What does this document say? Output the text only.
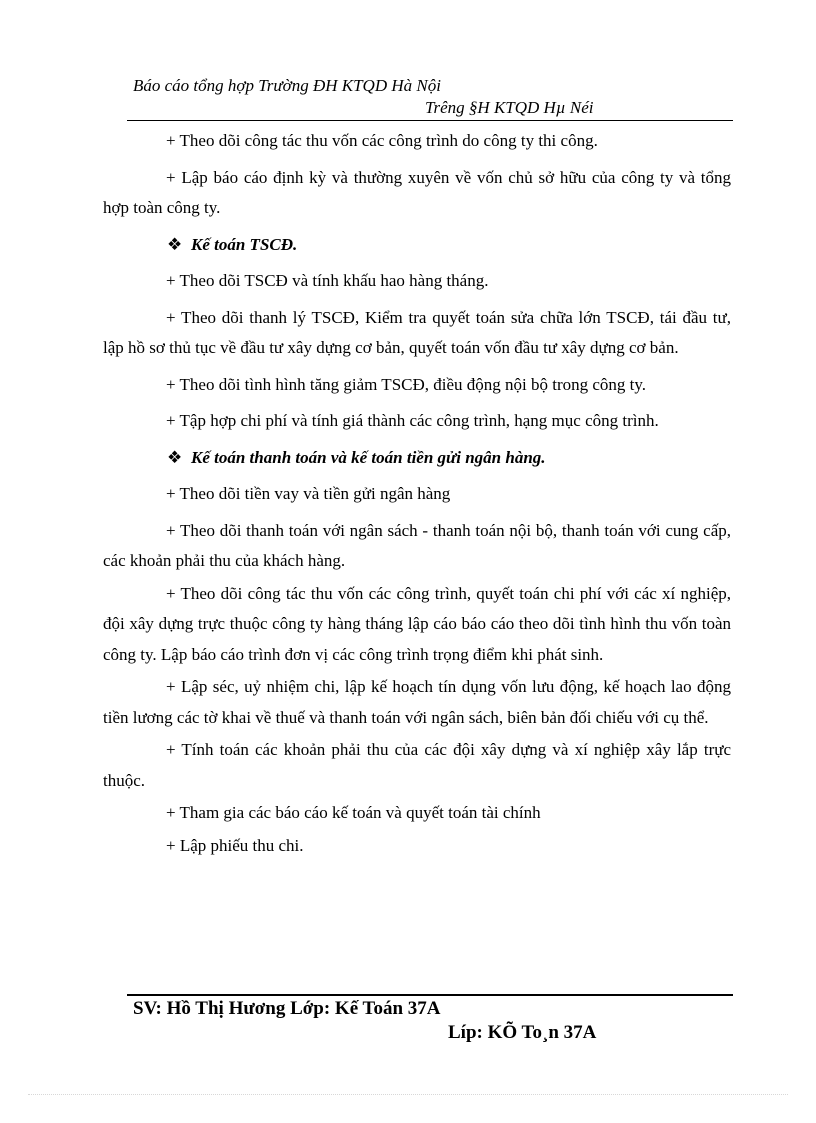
Báo cáo tổng hợp Trường ĐH KTQD Hà Nội
Trêng §H KTQD Hµ Néi

+ Theo dõi công tác thu vốn các công trình do công ty thi công.

+ Lập báo cáo định kỳ và thường xuyên về vốn chủ sở hữu của công ty và tổng hợp toàn công ty.

❖ Kế toán TSCĐ.

+ Theo dõi TSCĐ và tính khấu hao hàng tháng.

+ Theo dõi thanh lý TSCĐ, Kiểm tra quyết toán sửa chữa lớn TSCĐ, tái đầu tư, lập hồ sơ thủ tục về đầu tư xây dựng cơ bản, quyết toán vốn đầu tư xây dựng cơ bản.

+ Theo dõi tình hình tăng giảm TSCĐ, điều động nội bộ trong công ty.

+ Tập hợp chi phí và tính giá thành các công trình, hạng mục công trình.

❖ Kế toán thanh toán và kế toán tiền gửi ngân hàng.

+ Theo dõi tiền vay và tiền gửi ngân hàng

+ Theo dõi thanh toán với ngân sách - thanh toán nội bộ, thanh toán với cung cấp, các khoản phải thu của khách hàng.

+ Theo dõi công tác thu vốn các công trình, quyết toán chi phí với các xí nghiệp, đội xây dựng trực thuộc công ty hàng tháng lập cáo báo cáo theo dõi tình hình thu vốn toàn công ty. Lập báo cáo trình đơn vị các công trình trọng điểm khi phát sinh.

+ Lập séc, uỷ nhiệm chi, lập kế hoạch tín dụng vốn lưu động, kế hoạch lao động tiền lương các tờ khai về thuế và thanh toán với ngân sách, biên bản đối chiếu với cụ thể.

+ Tính toán các khoản phải thu của các đội xây dựng và xí nghiệp xây lắp trực thuộc.

+ Tham gia các báo cáo kế toán và quyết toán tài chính

+ Lập phiếu thu chi.

SV: Hồ Thị Hương Lớp: Kế Toán 37A
Líp: KÕ To¸n 37A
